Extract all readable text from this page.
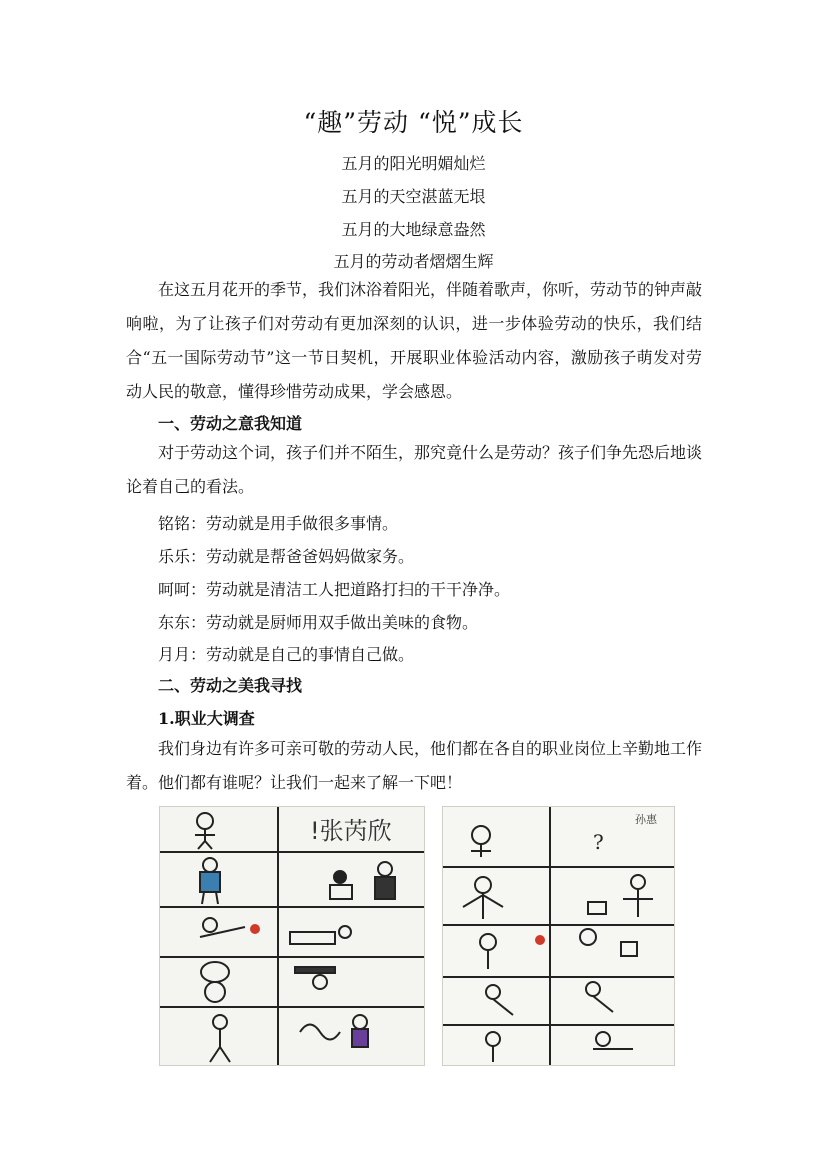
“趣”劳动 “悦”成长
五月的阳光明媚灿烂
五月的天空湛蓝无垠
五月的大地绿意盎然
五月的劳动者熠熠生辉
在这五月花开的季节，我们沐浴着阳光，伴随着歌声，你听，劳动节的钟声敲响啦，为了让孩子们对劳动有更加深刻的认识，进一步体验劳动的快乐，我们结合“五一国际劳动节”这一节日契机，开展职业体验活动内容，激励孩子萌发对劳动人民的敬意，懂得珍惜劳动成果，学会感恩。
一、劳动之意我知道
对于劳动这个词，孩子们并不陌生，那究竟什么是劳动？孩子们争先恐后地谈论着自己的看法。
铭铭：劳动就是用手做很多事情。
乐乐：劳动就是帮爸爸妈妈做家务。
呵呵：劳动就是清洁工人把道路打扫的干干净净。
东东：劳动就是厨师用双手做出美味的食物。
月月：劳动就是自己的事情自己做。
二、劳动之美我寻找
1.职业大调查
我们身边有许多可亲可敬的劳动人民，他们都在各自的职业岗位上辛勤地工作着。他们都有谁呢？让我们一起来了解一下吧！
!张芮欣	孙惠
?
